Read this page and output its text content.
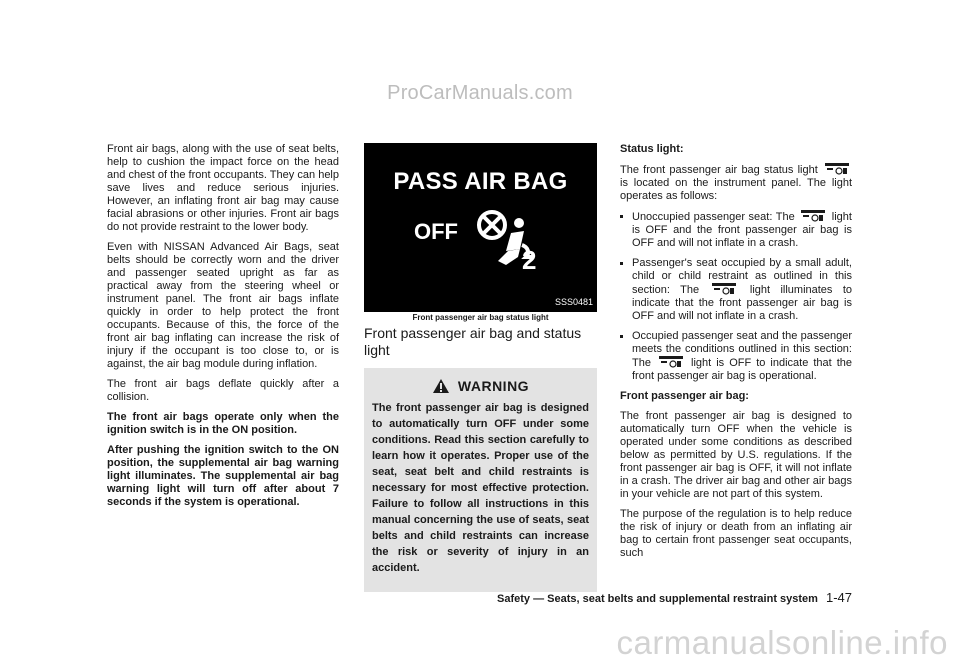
ProCarManuals.com

Front air bags, along with the use of seat belts, help to cushion the impact force on the head and chest of the front occupants. They can help save lives and reduce serious injuries. However, an inflating front air bag may cause facial abrasions or other injuries. Front air bags do not provide restraint to the lower body.

Even with NISSAN Advanced Air Bags, seat belts should be correctly worn and the driver and passenger seated upright as far as practical away from the steering wheel or instrument panel. The front air bags inflate quickly in order to help protect the front occupants. Because of this, the force of the front air bag inflating can increase the risk of injury if the occupant is too close to, or is against, the air bag module during inflation.

The front air bags deflate quickly after a collision.

The front air bags operate only when the ignition switch is in the ON position.

After pushing the ignition switch to the ON position, the supplemental air bag warning light illuminates. The supplemental air bag warning light will turn off after about 7 seconds if the system is operational.

PASS AIR BAG
OFF
2
SSS0481
Front passenger air bag status light
Front passenger air bag and status light
WARNING

The front passenger air bag is designed to automatically turn OFF under some conditions. Read this section carefully to learn how it operates. Proper use of the seat, seat belt and child restraints is necessary for most effective protection. Failure to follow all instructions in this manual concerning the use of seats, seat belts and child restraints can increase the risk or severity of injury in an accident.

Status light:

The front passenger air bag status light  is located on the instrument panel. The light operates as follows:

Unoccupied passenger seat: The	light is OFF and the front passenger air bag is OFF and will not inflate in a crash.
Passenger's seat occupied by a small adult, child or child restraint as outlined in this section: The	light illuminates to indicate that the front passenger air bag is OFF and will not inflate in a crash.
Occupied passenger seat and the passenger meets the conditions outlined in this section: The	light is OFF to indicate that the front passenger air bag is operational.

Front passenger air bag:

The front passenger air bag is designed to automatically turn OFF when the vehicle is operated under some conditions as described below as permitted by U.S. regulations. If the front passenger air bag is OFF, it will not inflate in a crash. The driver air bag and other air bags in your vehicle are not part of this system.

The purpose of the regulation is to help reduce the risk of injury or death from an inflating air bag to certain front passenger seat occupants, such

Safety — Seats, seat belts and supplemental restraint system 1-47
carmanualsonline.info
